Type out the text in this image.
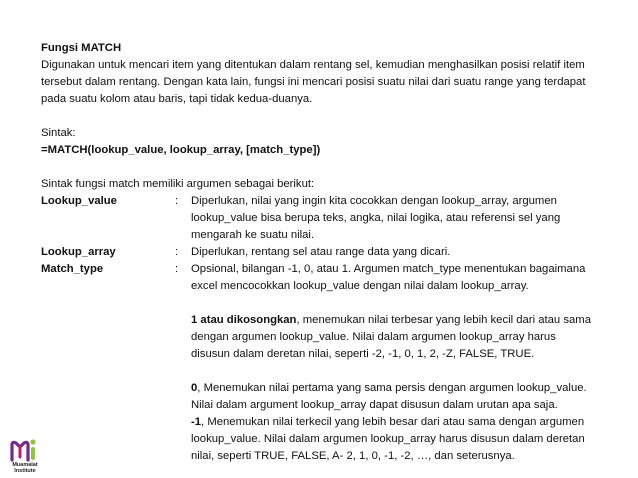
Fungsi MATCH
Digunakan untuk mencari item yang ditentukan dalam rentang sel, kemudian menghasilkan posisi relatif item
tersebut dalam rentang. Dengan kata lain, fungsi ini mencari posisi suatu nilai dari suatu range yang terdapat
pada suatu kolom atau baris, tapi tidak kedua-duanya.
Sintak:
=MATCH(lookup_value, lookup_array, [match_type])
Sintak fungsi match memiliki argumen sebagai berikut:
Lookup_value	: Diperlukan, nilai yang ingin kita cocokkan dengan lookup_array, argumen
lookup_value bisa berupa teks, angka, nilai logika, atau referensi sel yang
mengarah ke suatu nilai.
Lookup_array	: Diperlukan, rentang sel atau range data yang dicari.
Match_type	: Opsional, bilangan -1, 0, atau 1. Argumen match_type menentukan bagaimana
excel mencocokkan lookup_value dengan nilai dalam lookup_array.
1 atau dikosongkan, menemukan nilai terbesar yang lebih kecil dari atau sama
dengan argumen lookup_value. Nilai dalam argumen lookup_array harus
disusun dalam deretan nilai, seperti -2, -1, 0, 1, 2, -Z, FALSE, TRUE.
0, Menemukan nilai pertama yang sama persis dengan argumen lookup_value.
Nilai dalam argument lookup_array dapat disusun dalam urutan apa saja.
-1, Menemukan nilai terkecil yang lebih besar dari atau sama dengan argumen
lookup_value. Nilai dalam argumen lookup_array harus disusun dalam deretan
nilai, seperti TRUE, FALSE, A- 2, 1, 0, -1, -2, …, dan seterusnya.
Muamalat
Institute
